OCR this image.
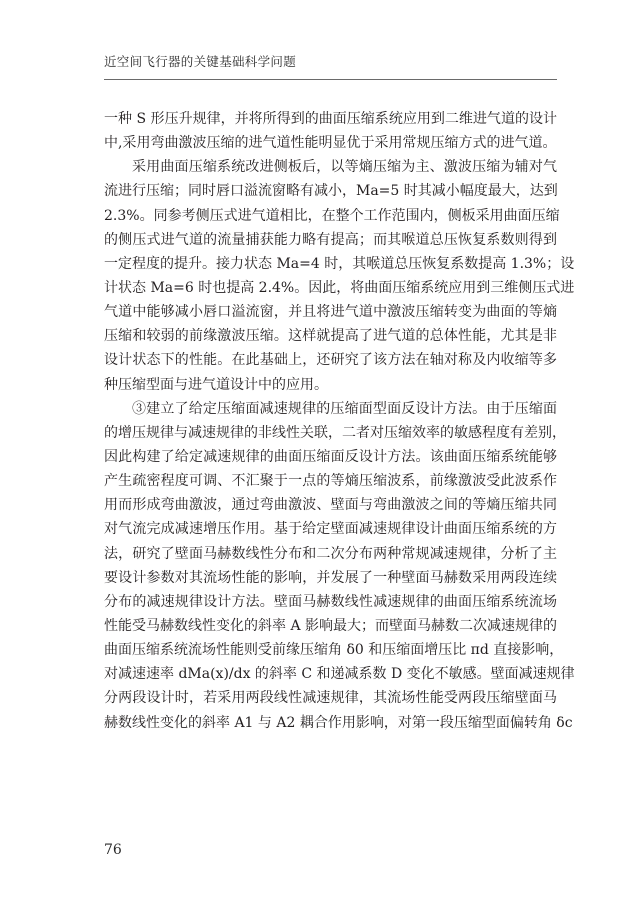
近空间飞行器的关键基础科学问题
一种 S 形压升规律，并将所得到的曲面压缩系统应用到二维进气道的设计
中,采用弯曲激波压缩的进气道性能明显优于采用常规压缩方式的进气道。
采用曲面压缩系统改进侧板后，以等熵压缩为主、激波压缩为辅对气
流进行压缩；同时唇口溢流窗略有减小，Ma=5 时其减小幅度最大，达到
2.3%。同参考侧压式进气道相比，在整个工作范围内，侧板采用曲面压缩
的侧压式进气道的流量捕获能力略有提高；而其喉道总压恢复系数则得到
一定程度的提升。接力状态 Ma=4 时，其喉道总压恢复系数提高 1.3%；设
计状态 Ma=6 时也提高 2.4%。因此，将曲面压缩系统应用到三维侧压式进
气道中能够减小唇口溢流窗，并且将进气道中激波压缩转变为曲面的等熵
压缩和较弱的前缘激波压缩。这样就提高了进气道的总体性能，尤其是非
设计状态下的性能。在此基础上，还研究了该方法在轴对称及内收缩等多
种压缩型面与进气道设计中的应用。
③建立了给定压缩面减速规律的压缩面型面反设计方法。由于压缩面
的增压规律与减速规律的非线性关联，二者对压缩效率的敏感程度有差别，
因此构建了给定减速规律的曲面压缩面反设计方法。该曲面压缩系统能够
产生疏密程度可调、不汇聚于一点的等熵压缩波系，前缘激波受此波系作
用而形成弯曲激波，通过弯曲激波、壁面与弯曲激波之间的等熵压缩共同
对气流完成减速增压作用。基于给定壁面减速规律设计曲面压缩系统的方
法，研究了壁面马赫数线性分布和二次分布两种常规减速规律，分析了主
要设计参数对其流场性能的影响，并发展了一种壁面马赫数采用两段连续
分布的减速规律设计方法。壁面马赫数线性减速规律的曲面压缩系统流场
性能受马赫数线性变化的斜率 A 影响最大；而壁面马赫数二次减速规律的
曲面压缩系统流场性能则受前缘压缩角 δ0 和压缩面增压比 πd 直接影响，
对减速速率 dMa(x)/dx 的斜率 C 和递减系数 D 变化不敏感。壁面减速规律
分两段设计时，若采用两段线性减速规律，其流场性能受两段压缩壁面马
赫数线性变化的斜率 A1 与 A2 耦合作用影响，对第一段压缩型面偏转角 δc
76
